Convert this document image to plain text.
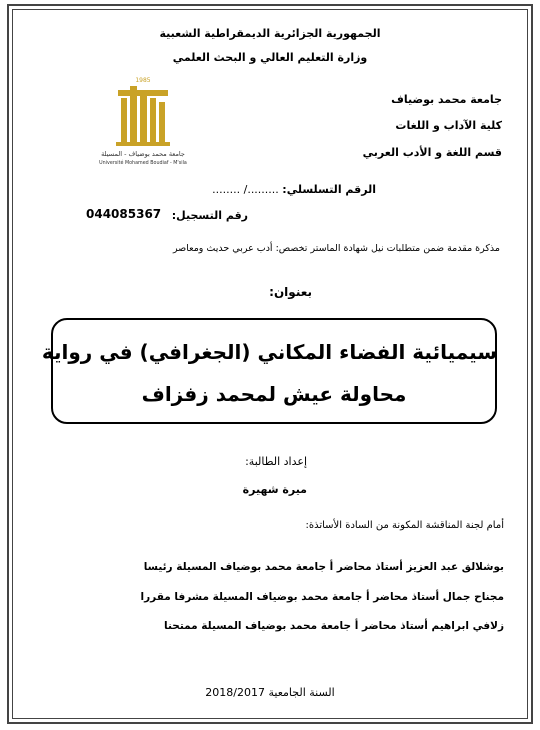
الجمهورية الجزائرية الديمقراطية الشعبية
وزارة التعليم العالي و البحث العلمي
1985
جامعة محمد بوضياف - المسيلة
Université Mohamed Boudiaf - M'sila
جامعة محمد بوضياف
كلية الآداب و اللغات
قسم اللغة و الأدب العربي
الرقم التسلسلي: ........./ ........
رقم التسجيل:
044085367
مذكرة مقدمة ضمن متطلبات نيل شهادة الماستر تخصص: أدب عربي حديث ومعاصر
بعنوان:
سيميائية الفضاء المكاني (الجغرافي) في رواية
محاولة عيش لمحمد زفزاف
إعداد الطالبة:
ميرة شهيرة
أمام لجنة المناقشة المكونة من السادة الأساتذة:
بوشلالق عبد العزيز أستاذ محاضر أ جامعة محمد بوضياف المسيلة رئيسا
مجناح جمال أستاذ محاضر أ جامعة محمد بوضياف المسيلة مشرفا مقررا
زلافي ابراهيم أستاذ محاضر أ جامعة محمد بوضياف المسيلة ممتحنا
السنة الجامعية 2018/2017
